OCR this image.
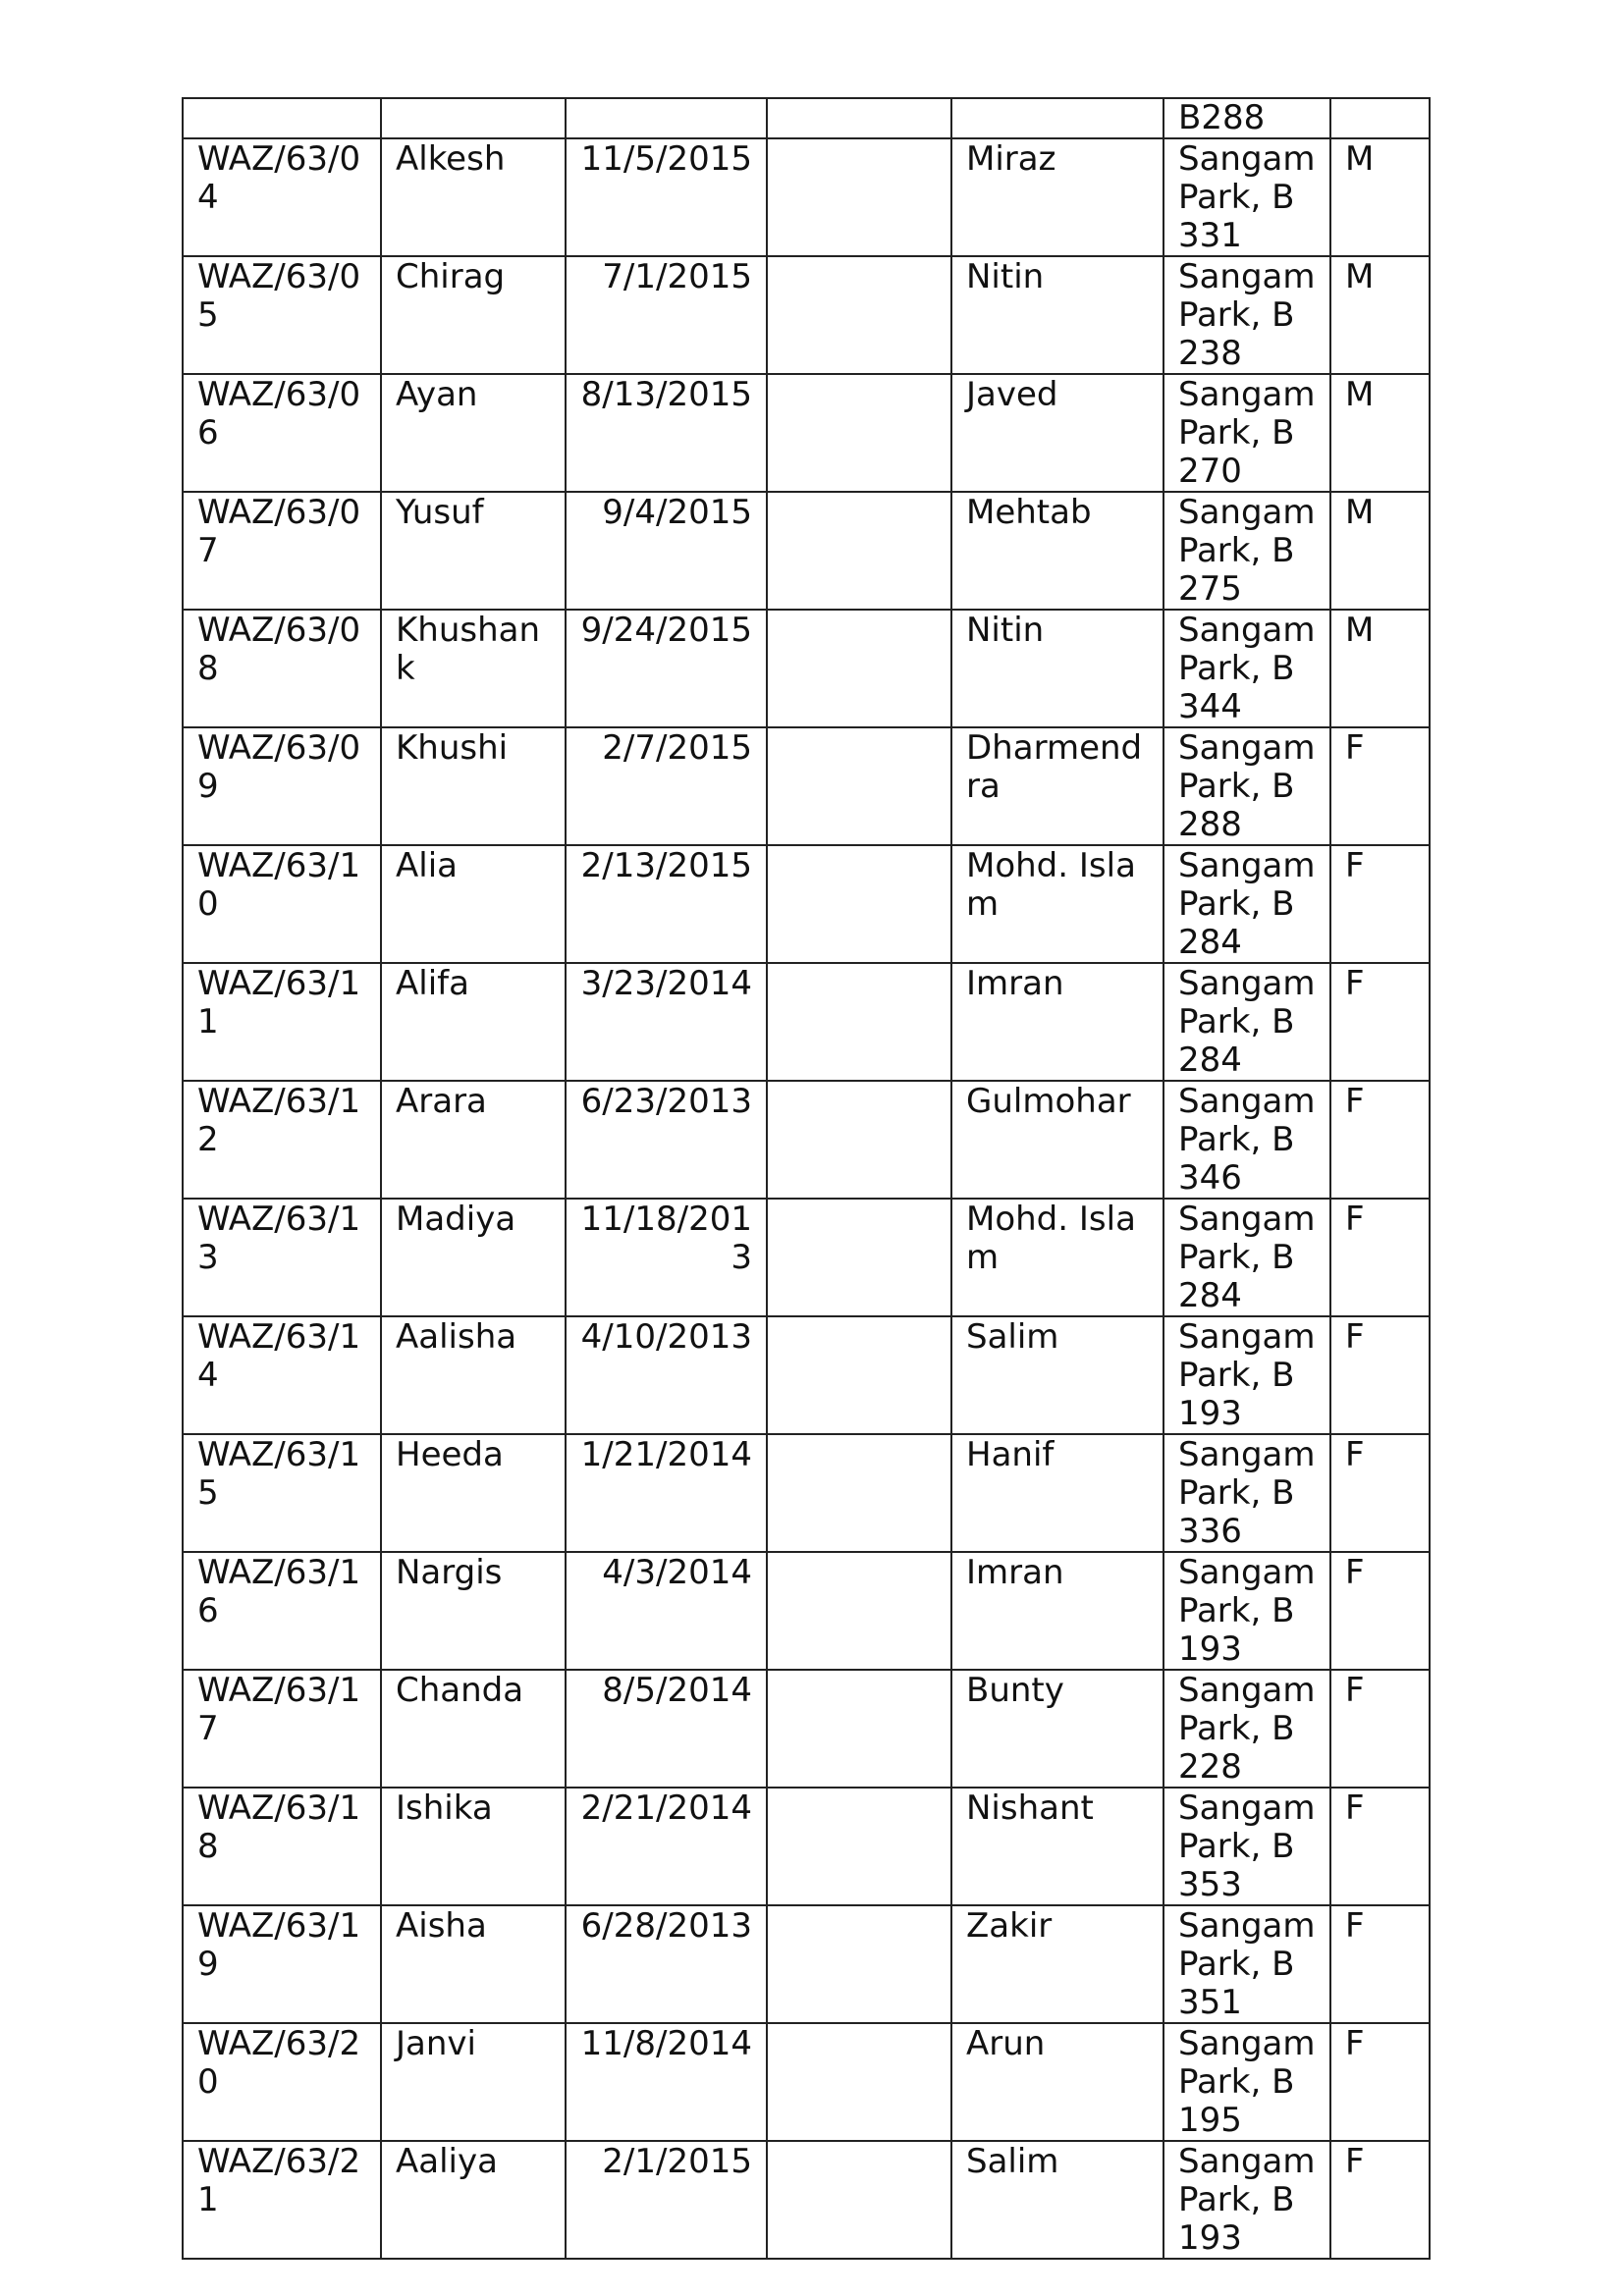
					B288	
WAZ/63/04	Alkesh	11/5/2015		Miraz	Sangam Park, B331	M
WAZ/63/05	Chirag	7/1/2015		Nitin	Sangam Park, B238	M
WAZ/63/06	Ayan	8/13/2015		Javed	Sangam Park, B270	M
WAZ/63/07	Yusuf	9/4/2015		Mehtab	Sangam Park, B275	M
WAZ/63/08	Khushank	9/24/2015		Nitin	Sangam Park, B344	M
WAZ/63/09	Khushi	2/7/2015		Dharmendra	Sangam Park, B288	F
WAZ/63/10	Alia	2/13/2015		Mohd. Islam	Sangam Park, B284	F
WAZ/63/11	Alifa	3/23/2014		Imran	Sangam Park, B284	F
WAZ/63/12	Arara	6/23/2013		Gulmohar	Sangam Park, B346	F
WAZ/63/13	Madiya	11/18/2013		Mohd. Islam	Sangam Park, B284	F
WAZ/63/14	Aalisha	4/10/2013		Salim	Sangam Park, B193	F
WAZ/63/15	Heeda	1/21/2014		Hanif	Sangam Park, B336	F
WAZ/63/16	Nargis	4/3/2014		Imran	Sangam Park, B193	F
WAZ/63/17	Chanda	8/5/2014		Bunty	Sangam Park, B228	F
WAZ/63/18	Ishika	2/21/2014		Nishant	Sangam Park, B353	F
WAZ/63/19	Aisha	6/28/2013		Zakir	Sangam Park, B351	F
WAZ/63/20	Janvi	11/8/2014		Arun	Sangam Park, B195	F
WAZ/63/21	Aaliya	2/1/2015		Salim	Sangam Park, B193	F
